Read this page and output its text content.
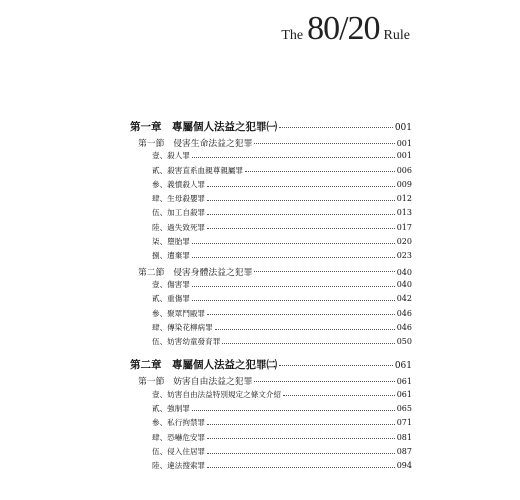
The 80/20 Rule
第一章　專屬個人法益之犯罪㈠	001
第一節　侵害生命法益之犯罪	001
壹、殺人罪	001
貳、殺害直系血親尊親屬罪	006
參、義憤殺人罪	009
肆、生母殺嬰罪	012
伍、加工自殺罪	013
陸、過失致死罪	017
柒、墮胎罪	020
捌、遺棄罪	023
第二節　侵害身體法益之犯罪	040
壹、傷害罪	040
貳、重傷罪	042
參、聚眾鬥毆罪	046
肆、傳染花柳病罪	046
伍、妨害幼童發育罪	050
第二章　專屬個人法益之犯罪㈡	061
第一節　妨害自由法益之犯罪	061
壹、妨害自由法益特別規定之條文介紹	061
貳、強制罪	065
參、私行拘禁罪	071
肆、恐嚇危安罪	081
伍、侵入住居罪	087
陸、違法搜索罪	094
